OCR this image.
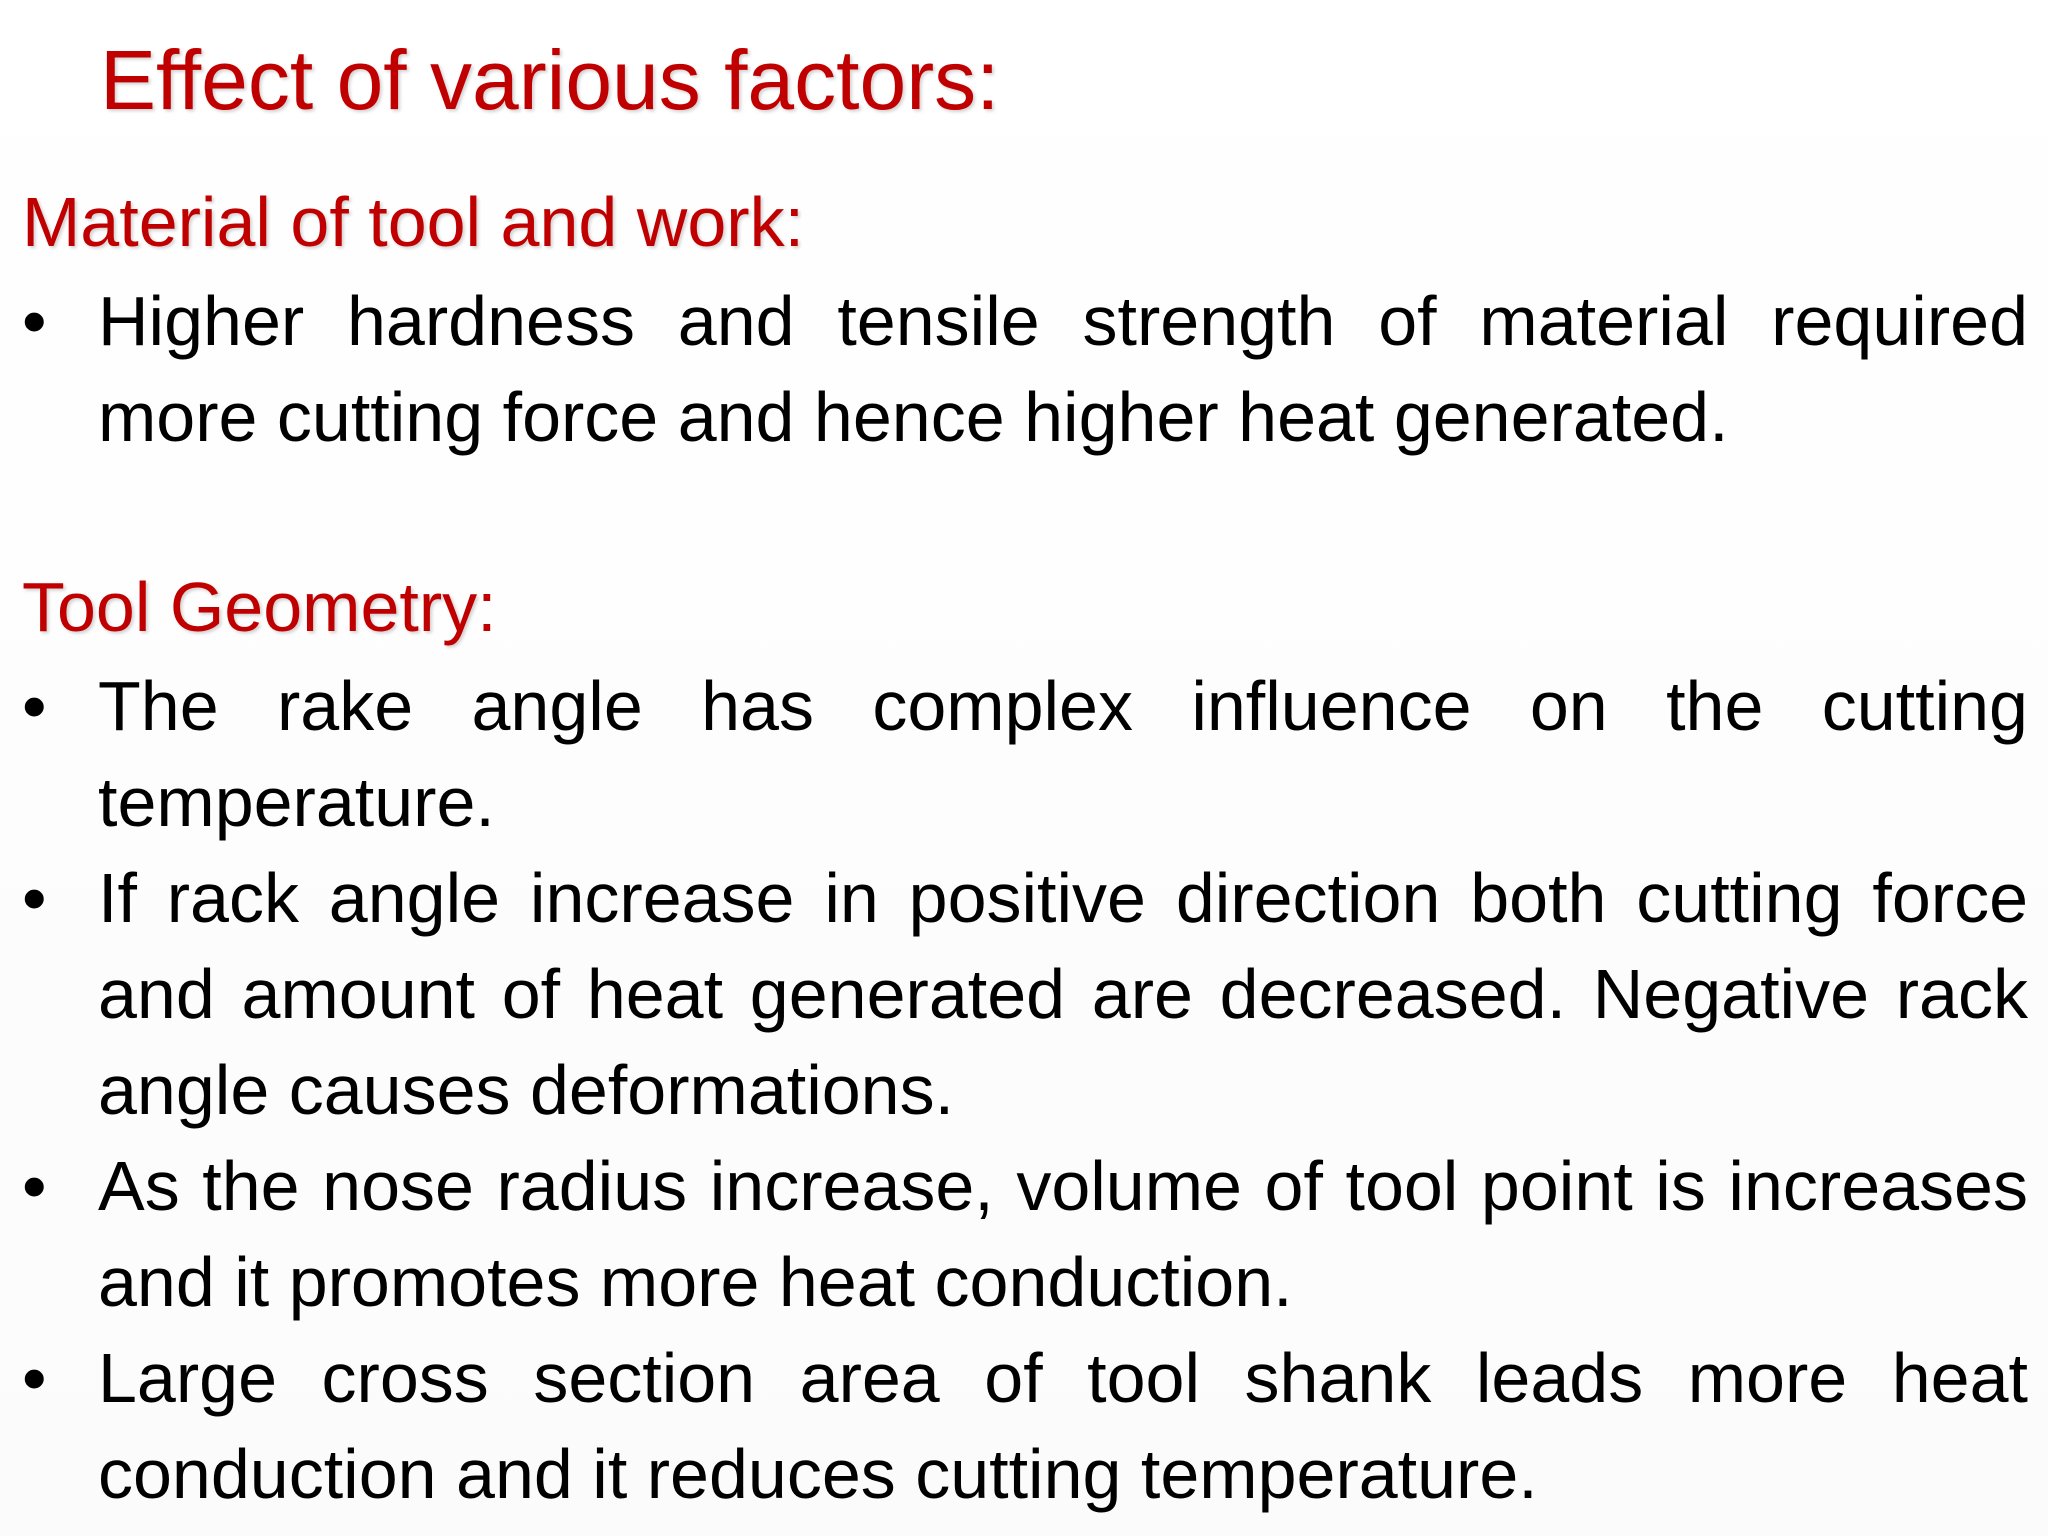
Effect of various factors:
Material of tool and work:
• Higher hardness and tensile strength of material required more cutting force and hence higher heat generated.
Tool Geometry:
• The rake angle has complex influence on the cutting temperature.
• If rack angle increase in positive direction both cutting force and amount of heat generated are decreased. Negative rack angle causes deformations.
• As the nose radius increase, volume of tool point is increases and it promotes more heat conduction.
• Large cross section area of tool shank leads more heat conduction and it reduces cutting temperature.
